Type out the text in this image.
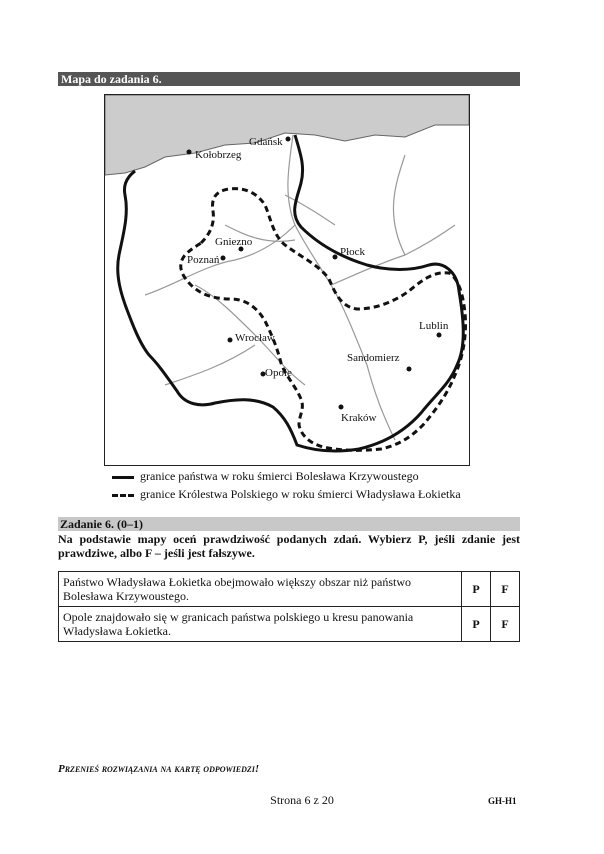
Mapa do zadania 6.
Gdańsk
Kołobrzeg
Gniezno
Poznań
Płock
Lublin
Wrocław
Opole
Sandomierz
Kraków
granice państwa w roku śmierci Bolesława Krzywoustego
granice Królestwa Polskiego w roku śmierci Władysława Łokietka
Zadanie 6. (0–1)
Na podstawie mapy oceń prawdziwość podanych zdań. Wybierz P, jeśli zdanie jest prawdziwe, albo F – jeśli jest fałszywe.
Państwo Władysława Łokietka obejmowało większy obszar niż państwo Bolesława Krzywoustego.	P	F
Opole znajdowało się w granicach państwa polskiego u kresu panowania Władysława Łokietka.	P	F
Przenieś rozwiązania na kartę odpowiedzi!
Strona 6 z 20	GH-H1
